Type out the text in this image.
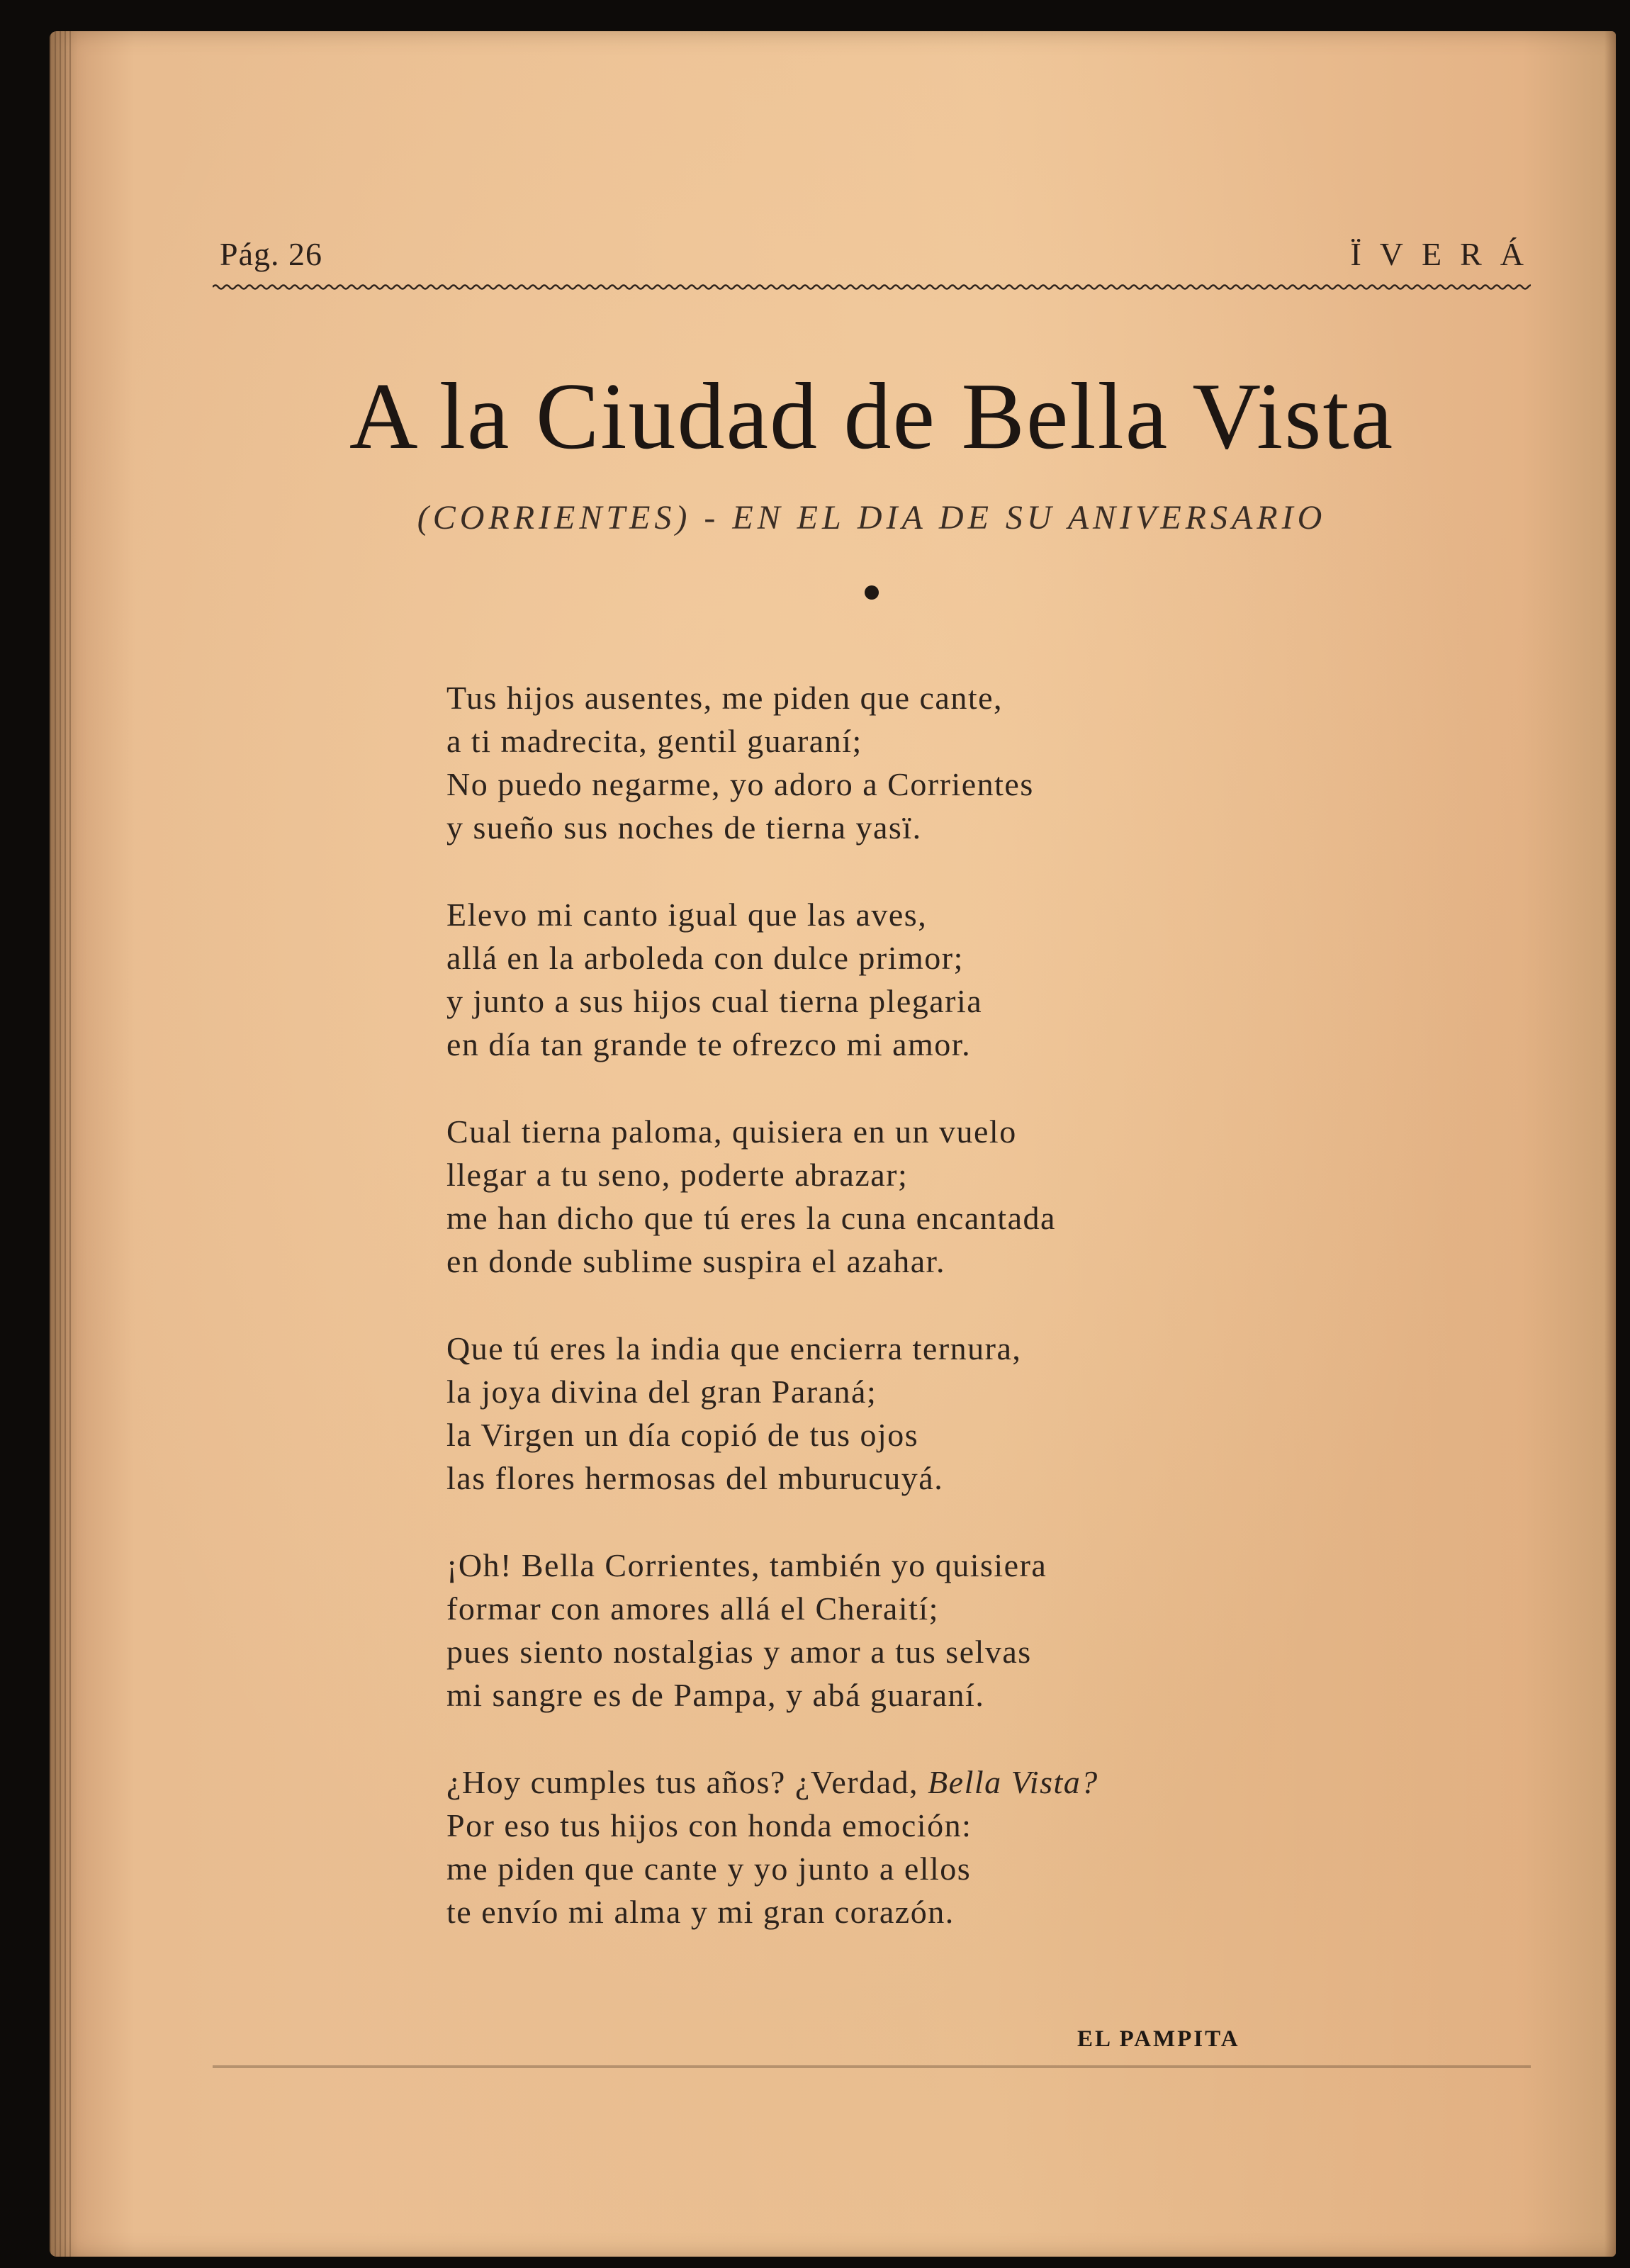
Pág. 26	ÏVERÁ
A la Ciudad de Bella Vista
(CORRIENTES) - EN EL DIA DE SU ANIVERSARIO
Tus hijos ausentes, me piden que cante,
a ti madrecita, gentil guaraní;
No puedo negarme, yo adoro a Corrientes
y sueño sus noches de tierna yasï.
Elevo mi canto igual que las aves,
allá en la arboleda con dulce primor;
y junto a sus hijos cual tierna plegaria
en día tan grande te ofrezco mi amor.
Cual tierna paloma, quisiera en un vuelo
llegar a tu seno, poderte abrazar;
me han dicho que tú eres la cuna encantada
en donde sublime suspira el azahar.
Que tú eres la india que encierra ternura,
la joya divina del gran Paraná;
la Virgen un día copió de tus ojos
las flores hermosas del mburucuyá.
¡Oh! Bella Corrientes, también yo quisiera
formar con amores allá el Cheraití;
pues siento nostalgias y amor a tus selvas
mi sangre es de Pampa, y abá guaraní.
¿Hoy cumples tus años? ¿Verdad, Bella Vista?
Por eso tus hijos con honda emoción:
me piden que cante y yo junto a ellos
te envío mi alma y mi gran corazón.
EL PAMPITA
